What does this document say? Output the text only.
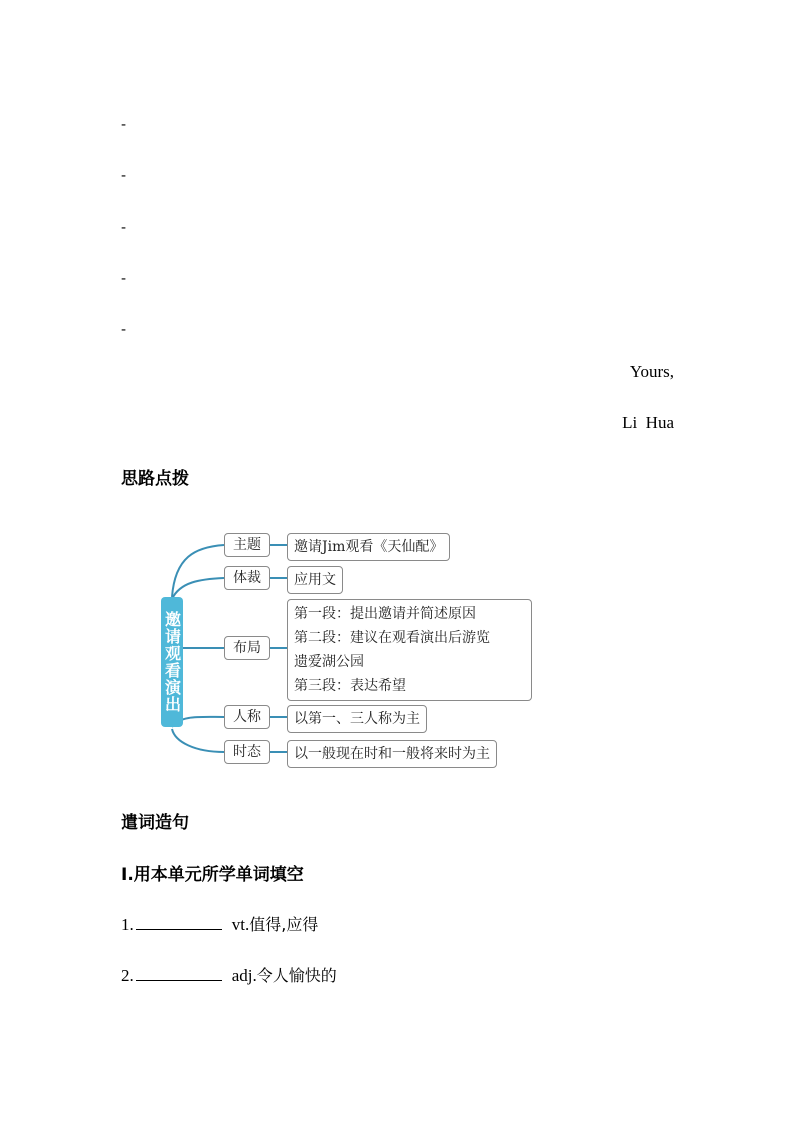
-
-
-
-
-
Yours,
Li  Hua
思路点拨
邀请观看演出
主题	邀请Jim观看《天仙配》
体裁	应用文
布局
第一段：提出邀请并简述原因
第二段：建议在观看演出后游览
遗爱湖公园
第三段：表达希望
人称	以第一、三人称为主
时态	以一般现在时和一般将来时为主
遣词造句
Ⅰ.用本单元所学单词填空
1.	vt.值得,应得
2.	adj.令人愉快的
